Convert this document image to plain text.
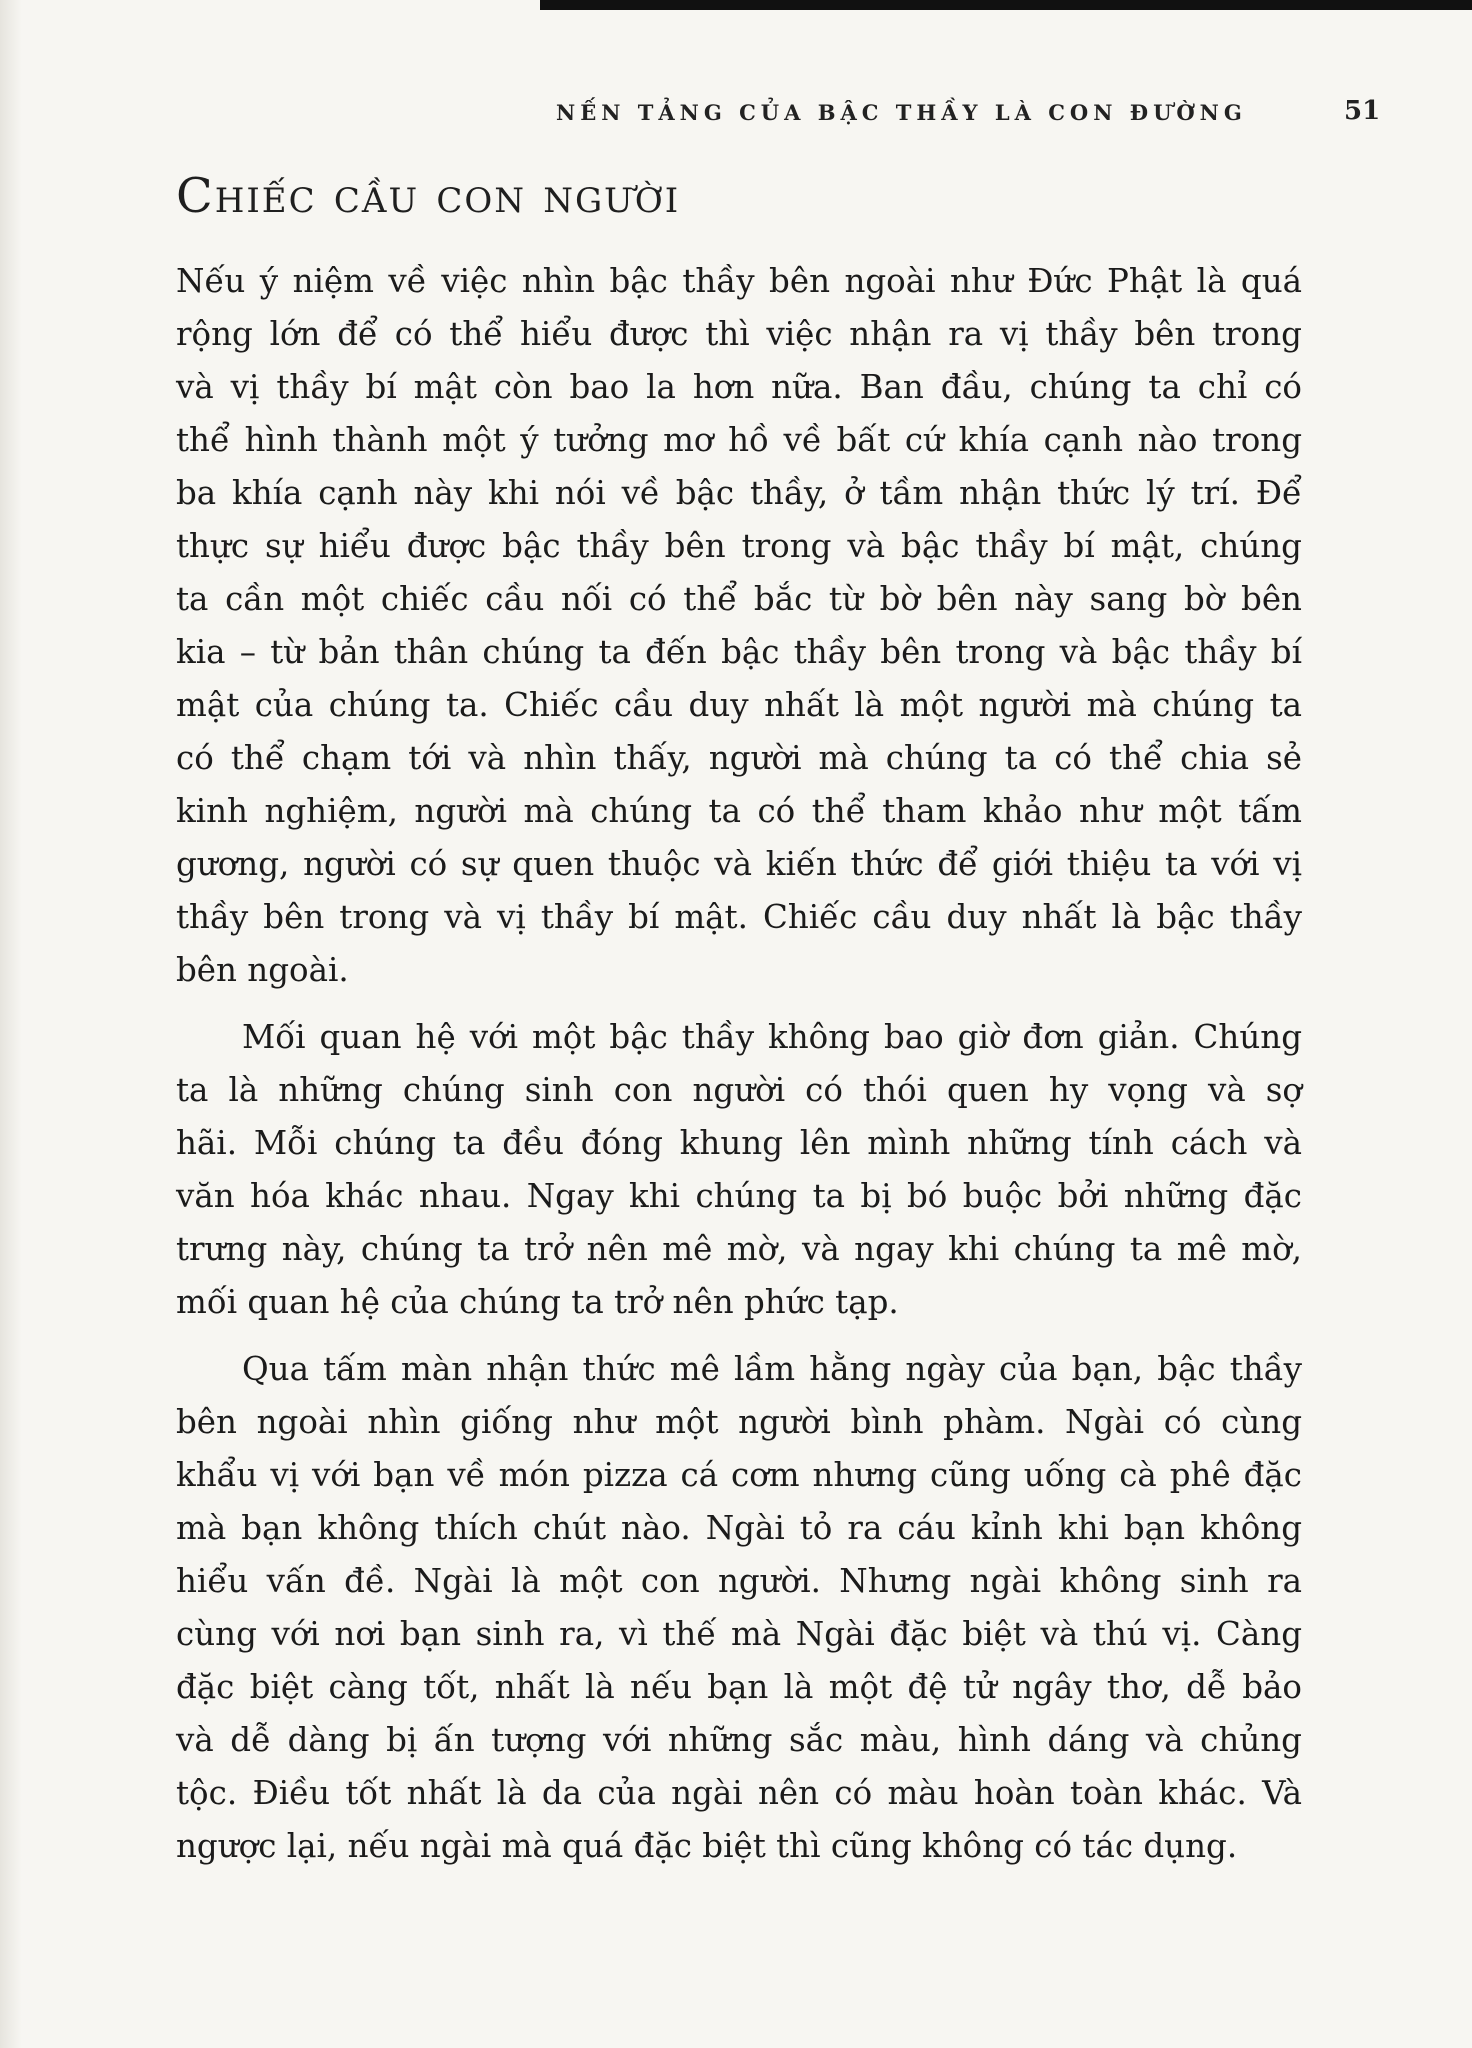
NẾN TẢNG CỦA BẬC THẦY LÀ CON ĐƯỜNG	51
Chiếc cầu con người
Nếu ý niệm về việc nhìn bậc thầy bên ngoài như Đức Phật là quá
rộng lớn để có thể hiểu được thì việc nhận ra vị thầy bên trong
và vị thầy bí mật còn bao la hơn nữa. Ban đầu, chúng ta chỉ có
thể hình thành một ý tưởng mơ hồ về bất cứ khía cạnh nào trong
ba khía cạnh này khi nói về bậc thầy, ở tầm nhận thức lý trí. Để
thực sự hiểu được bậc thầy bên trong và bậc thầy bí mật, chúng
ta cần một chiếc cầu nối có thể bắc từ bờ bên này sang bờ bên
kia – từ bản thân chúng ta đến bậc thầy bên trong và bậc thầy bí
mật của chúng ta. Chiếc cầu duy nhất là một người mà chúng ta
có thể chạm tới và nhìn thấy, người mà chúng ta có thể chia sẻ
kinh nghiệm, người mà chúng ta có thể tham khảo như một tấm
gương, người có sự quen thuộc và kiến thức để giới thiệu ta với vị
thầy bên trong và vị thầy bí mật. Chiếc cầu duy nhất là bậc thầy
bên ngoài.
Mối quan hệ với một bậc thầy không bao giờ đơn giản. Chúng
ta là những chúng sinh con người có thói quen hy vọng và sợ
hãi. Mỗi chúng ta đều đóng khung lên mình những tính cách và
văn hóa khác nhau. Ngay khi chúng ta bị bó buộc bởi những đặc
trưng này, chúng ta trở nên mê mờ, và ngay khi chúng ta mê mờ,
mối quan hệ của chúng ta trở nên phức tạp.
Qua tấm màn nhận thức mê lầm hằng ngày của bạn, bậc thầy
bên ngoài nhìn giống như một người bình phàm. Ngài có cùng
khẩu vị với bạn về món pizza cá cơm nhưng cũng uống cà phê đặc
mà bạn không thích chút nào. Ngài tỏ ra cáu kỉnh khi bạn không
hiểu vấn đề. Ngài là một con người. Nhưng ngài không sinh ra
cùng với nơi bạn sinh ra, vì thế mà Ngài đặc biệt và thú vị. Càng
đặc biệt càng tốt, nhất là nếu bạn là một đệ tử ngây thơ, dễ bảo
và dễ dàng bị ấn tượng với những sắc màu, hình dáng và chủng
tộc. Điều tốt nhất là da của ngài nên có màu hoàn toàn khác. Và
ngược lại, nếu ngài mà quá đặc biệt thì cũng không có tác dụng.
